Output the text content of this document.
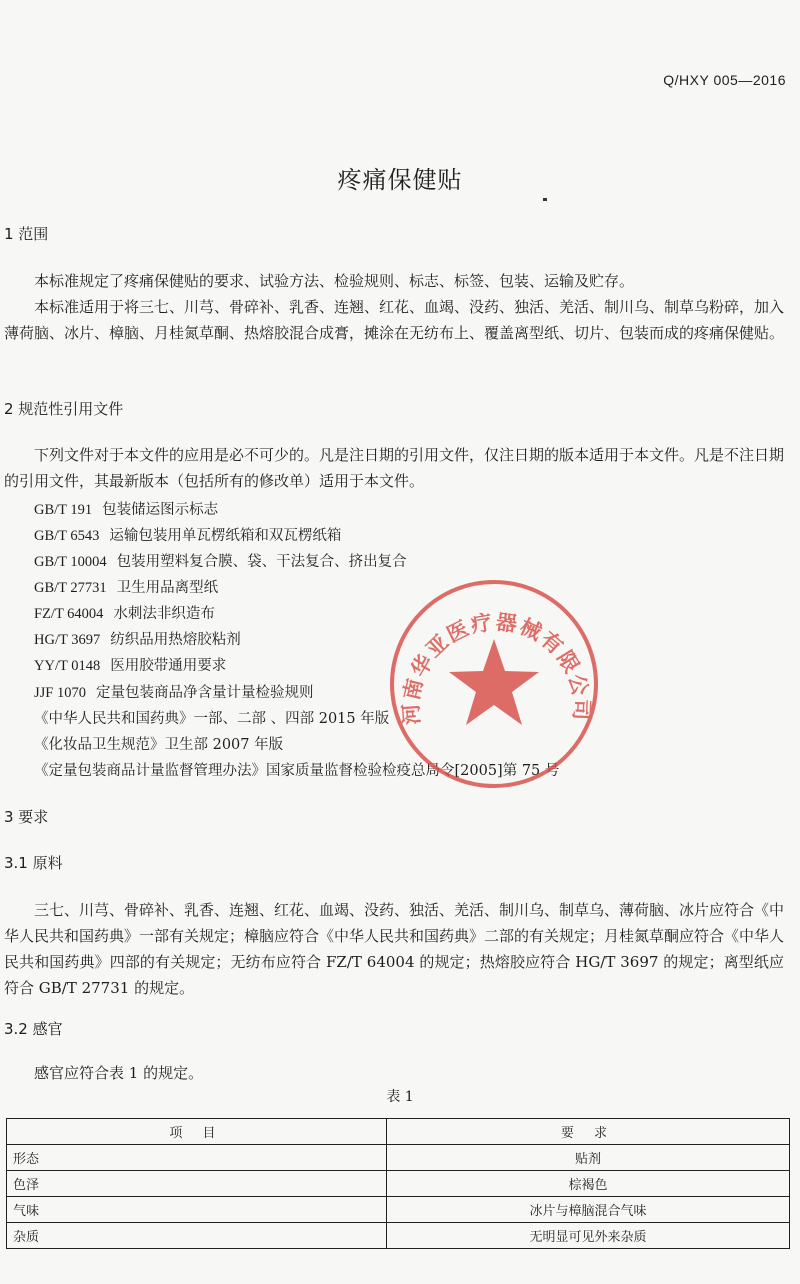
Q/HXY 005—2016
疼痛保健贴
1 范围

本标准规定了疼痛保健贴的要求、试验方法、检验规则、标志、标签、包装、运输及贮存。

本标准适用于将三七、川芎、骨碎补、乳香、连翘、红花、血竭、没药、独活、羌活、制川乌、制草乌粉碎，加入薄荷脑、冰片、樟脑、月桂氮草酮、热熔胶混合成膏，摊涂在无纺布上、覆盖离型纸、切片、包装而成的疼痛保健贴。

2 规范性引用文件

下列文件对于本文件的应用是必不可少的。凡是注日期的引用文件，仅注日期的版本适用于本文件。凡是不注日期的引用文件，其最新版本（包括所有的修改单）适用于本文件。

GB/T 191 包装储运图示标志
GB/T 6543 运输包装用单瓦楞纸箱和双瓦楞纸箱
GB/T 10004 包装用塑料复合膜、袋、干法复合、挤出复合
GB/T 27731 卫生用品离型纸
FZ/T 64004 水刺法非织造布
HG/T 3697 纺织品用热熔胶粘剂
YY/T 0148 医用胶带通用要求
JJF 1070 定量包装商品净含量计量检验规则
《中华人民共和国药典》一部、二部 、四部 2015 年版
《化妆品卫生规范》卫生部 2007 年版
《定量包装商品计量监督管理办法》国家质量监督检验检疫总局令[2005]第 75 号
3 要求
3.1 原料

三七、川芎、骨碎补、乳香、连翘、红花、血竭、没药、独活、羌活、制川乌、制草乌、薄荷脑、冰片应符合《中华人民共和国药典》一部有关规定；樟脑应符合《中华人民共和国药典》二部的有关规定；月桂氮草酮应符合《中华人民共和国药典》四部的有关规定；无纺布应符合 FZ/T 64004 的规定；热熔胶应符合 HG/T 3697 的规定；离型纸应符合 GB/T 27731 的规定。

3.2 感官

感官应符合表 1 的规定。

表 1
项 目	要 求
形态	贴剂
色泽	棕褐色
气味	冰片与樟脑混合气味
杂质	无明显可见外来杂质
河南华亚医疗器械有限公司
